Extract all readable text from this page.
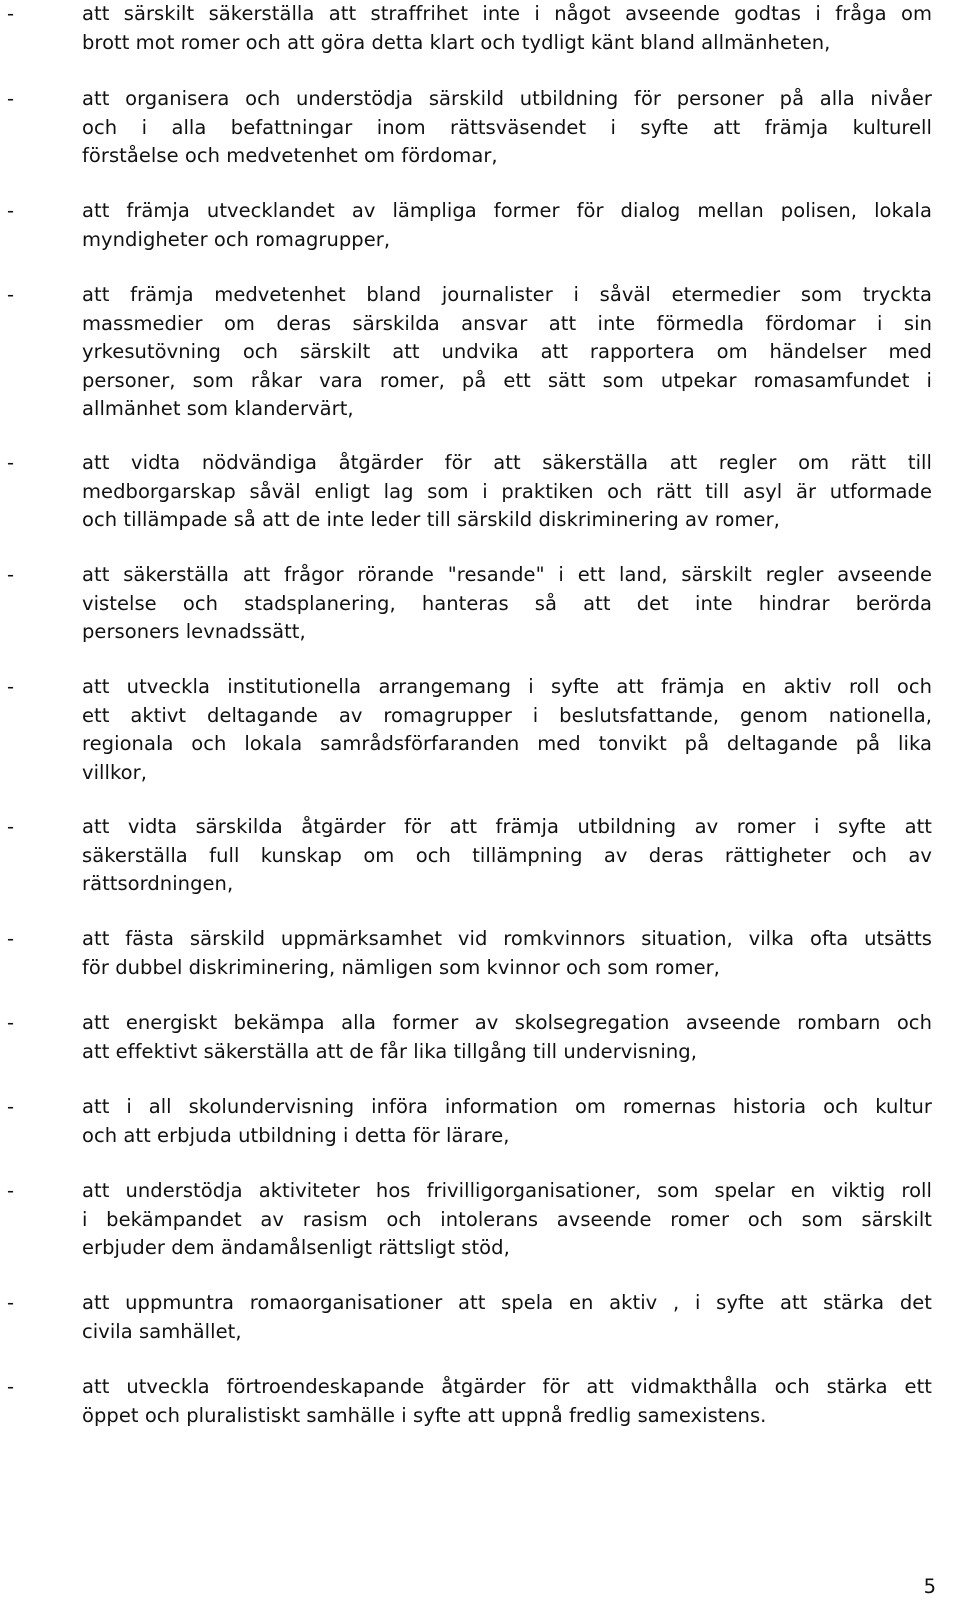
-	att särskilt säkerställa att straffrihet inte i något avseende godtas i fråga om
brott mot romer och att göra detta klart och tydligt känt bland allmänheten,
-	att organisera och understödja särskild utbildning för personer på alla nivåer
och i alla befattningar inom rättsväsendet i syfte att främja kulturell
förståelse och medvetenhet om fördomar,
-	att främja utvecklandet av lämpliga former för dialog mellan polisen, lokala
myndigheter och romagrupper,
-	att främja medvetenhet bland journalister i såväl etermedier som tryckta
massmedier om deras särskilda ansvar att inte förmedla fördomar i sin
yrkesutövning och särskilt att undvika att rapportera om händelser med
personer, som råkar vara romer, på ett sätt som utpekar romasamfundet i
allmänhet som klandervärt,
-	att vidta nödvändiga åtgärder för att säkerställa att regler om rätt till
medborgarskap såväl enligt lag som i praktiken och rätt till asyl är utformade
och tillämpade så att de inte leder till särskild diskriminering av romer,
-	att säkerställa att frågor rörande "resande" i ett land, särskilt regler avseende
vistelse och stadsplanering, hanteras så att det inte hindrar berörda
personers levnadssätt,
-	att utveckla institutionella arrangemang i syfte att främja en aktiv roll och
ett aktivt deltagande av romagrupper i beslutsfattande, genom nationella,
regionala och lokala samrådsförfaranden med tonvikt på deltagande på lika
villkor,
-	att vidta särskilda åtgärder för att främja utbildning av romer i syfte att
säkerställa full kunskap om och tillämpning av deras rättigheter och av
rättsordningen,
-	att fästa särskild uppmärksamhet vid romkvinnors situation, vilka ofta utsätts
för dubbel diskriminering, nämligen som kvinnor och som romer,
-	att energiskt bekämpa alla former av skolsegregation avseende rombarn och
att effektivt säkerställa att de får lika tillgång till undervisning,
-	att i all skolundervisning införa information om romernas historia och kultur
och att erbjuda utbildning i detta för lärare,
-	att understödja aktiviteter hos frivilligorganisationer, som spelar en viktig roll
i bekämpandet av rasism och intolerans avseende romer och som särskilt
erbjuder dem ändamålsenligt rättsligt stöd,
-	att uppmuntra romaorganisationer att spela en aktiv , i syfte att stärka det
civila samhället,
-	att utveckla förtroendeskapande åtgärder för att vidmakthålla och stärka ett
öppet och pluralistiskt samhälle i syfte att uppnå fredlig samexistens.
5
